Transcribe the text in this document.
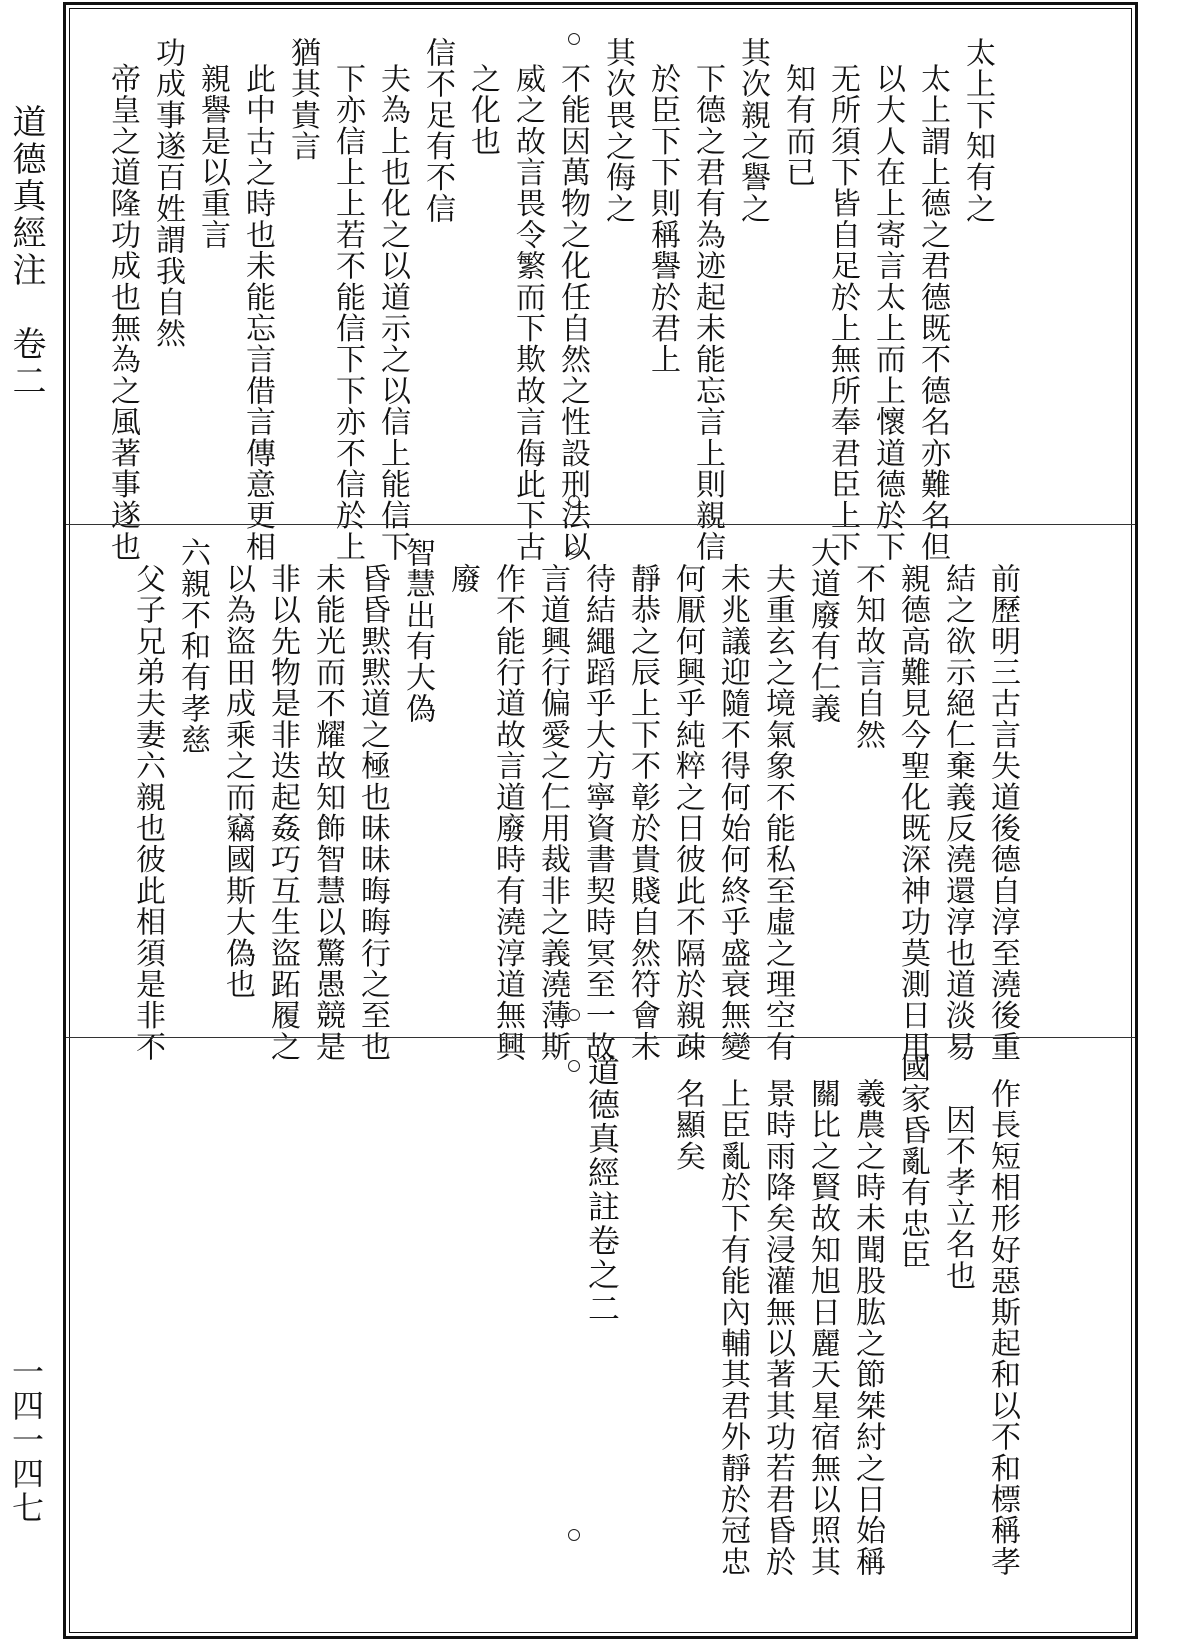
道德真經注　卷二
一四一四七
太上下知有之
太上謂上德之君德既不德名亦難名但
以大人在上寄言太上而上懷道德於下
无所須下皆自足於上無所奉君臣上下
知有而已
其次親之譽之
下德之君有為迹起未能忘言上則親信
於臣下下則稱譽於君上
其次畏之侮之
不能因萬物之化任自然之性設刑法以
威之故言畏令繁而下欺故言侮此下古
之化也
信不足有不信
夫為上也化之以道示之以信上能信下
下亦信上上若不能信下下亦不信於上
猶其貴言
此中古之時也未能忘言借言傳意更相
親譽是以重言
功成事遂百姓謂我自然
帝皇之道隆功成也無為之風著事遂也
前歷明三古言失道後德自淳至澆後重
結之欲示絕仁棄義反澆還淳也道淡易
親德高難見今聖化既深神功莫測日用
不知故言自然
大道廢有仁義
夫重玄之境氣象不能私至虛之理空有
未兆議迎隨不得何始何終乎盛衰無變
何厭何興乎純粹之日彼此不隔於親疎
靜恭之辰上下不彰於貴賤自然符會未
待結繩蹈乎大方寧資書契時冥至一故
言道興行偏愛之仁用裁非之義澆薄斯
作不能行道故言道廢時有澆淳道無興
廢
智慧出有大偽
昏昏黙黙道之極也昧昧晦晦行之至也
未能光而不耀故知飾智慧以驚愚競是
非以先物是非迭起姦巧互生盜跖履之
以為盜田成乘之而竊國斯大偽也
六親不和有孝慈
父子兄弟夫妻六親也彼此相須是非不
作長短相形好惡斯起和以不和標稱孝
因不孝立名也
國家昏亂有忠臣
羲農之時未聞股肱之節桀紂之日始稱
關比之賢故知旭日麗天星宿無以照其
景時雨降矣浸灌無以著其功若君昏於
上臣亂於下有能內輔其君外靜於冠忠
名顯矣
道德真經註卷之二
